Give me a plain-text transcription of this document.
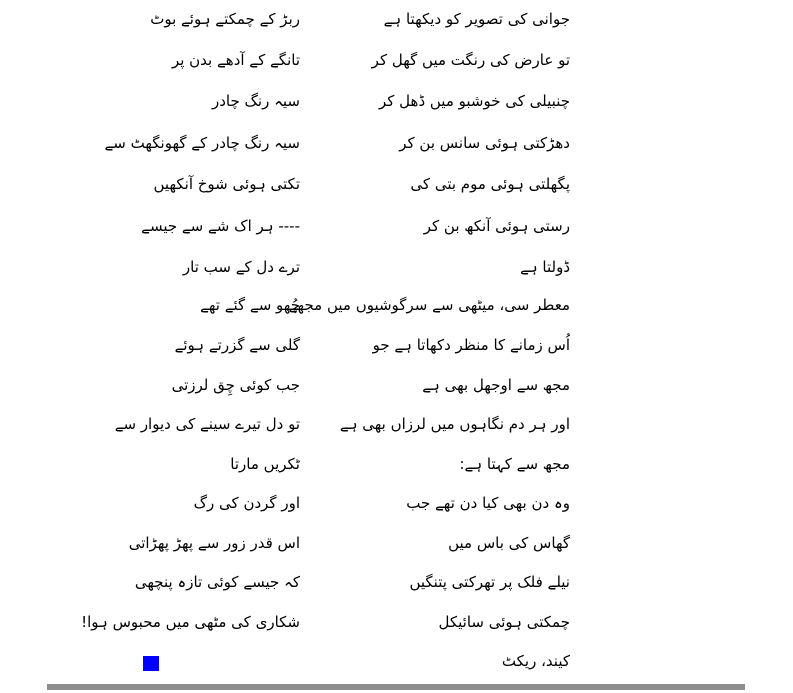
جوانی کی تصویر کو دیکھتا ہے
ربڑ کے چمکتے ہوئے بوٹ
تو عارض کی رنگت میں گھل کر
تانگے کے آدھے بدن پر
چنبیلی کی خوشبو میں ڈھل کر
سیہ رنگ چادر
دھڑکتی ہوئی سانس بن کر
سیہ رنگ چادر کے گھونگھٹ سے
پگھلتی ہوئی موم بتی کی
تکتی ہوئی شوخ آنکھیں
رستی ہوئی آنکھ بن کر
---- ہر اک شے سے جیسے
ڈولتا ہے
ترے دل کے سب تار
معطر سی، میٹھی سے سرگوشیوں میں مجھے
چُھو سے گئے تھے
اُس زمانے کا منظر دکھاتا ہے جو
گلی سے گزرتے ہوئے
مجھ سے اوجھل بھی ہے
جب کوئی چِق لرزتی
اور ہر دم نگاہوں میں لرزاں بھی ہے
تو دل تیرے سینے کی دیوار سے
مجھ سے کہتا ہے:
ٹکریں مارتا
وہ دن بھی کیا دن تھے جب
اور گردن کی رگ
گھاس کی باس میں
اس قدر زور سے پھڑ پھڑاتی
نیلے فلک پر تھرکتی پتنگیں
کہ جیسے کوئی تازہ پنچھی
چمکتی ہوئی سائیکل
شکاری کی مٹھی میں محبوس ہوا!
کیند، ریکٹ
